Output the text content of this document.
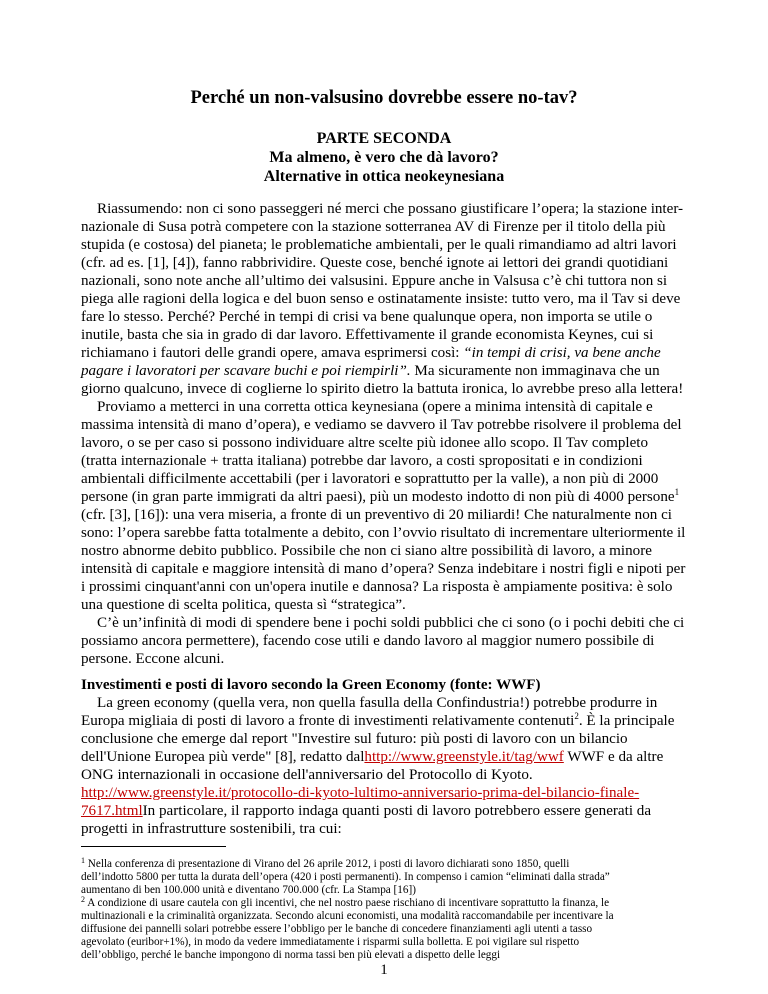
Perché un non-valsusino dovrebbe essere no-tav?
PARTE SECONDA
Ma almeno, è vero che dà lavoro?
Alternative in ottica neokeynesiana
Riassumendo: non ci sono passeggeri né merci che possano giustificare l’opera; la stazione inter-
nazionale di Susa potrà competere con la stazione sotterranea AV di Firenze per il titolo della più
stupida (e costosa) del pianeta; le problematiche ambientali, per le quali rimandiamo ad altri lavori
(cfr. ad es. [1], [4]), fanno rabbrividire. Queste cose, benché ignote ai lettori dei grandi quotidiani
nazionali, sono note anche all’ultimo dei valsusini. Eppure anche in Valsusa c’è chi tuttora non si
piega alle ragioni della logica e del buon senso e ostinatamente insiste: tutto vero, ma il Tav si deve
fare lo stesso. Perché? Perché in tempi di crisi va bene qualunque opera, non importa se utile o
inutile, basta che sia in grado di dar lavoro. Effettivamente il grande economista Keynes, cui si
richiamano i fautori delle grandi opere, amava esprimersi così: “in tempi di crisi, va bene anche
pagare i lavoratori per scavare buchi e poi riempirli”. Ma sicuramente non immaginava che un
giorno qualcuno, invece di coglierne lo spirito dietro la battuta ironica, lo avrebbe preso alla lettera!
Proviamo a metterci in una corretta ottica keynesiana (opere a minima intensità di capitale e
massima intensità di mano d’opera), e vediamo se davvero il Tav potrebbe risolvere il problema del
lavoro, o se per caso si possono individuare altre scelte più idonee allo scopo. Il Tav completo
(tratta internazionale + tratta italiana) potrebbe dar lavoro, a costi spropositati e in condizioni
ambientali difficilmente accettabili (per i lavoratori e soprattutto per la valle), a non più di 2000
persone (in gran parte immigrati da altri paesi), più un modesto indotto di non più di 4000 persone$^1$
(cfr. [3], [16]): una vera miseria, a fronte di un preventivo di 20 miliardi! Che naturalmente non ci
sono: l’opera sarebbe fatta totalmente a debito, con l’ovvio risultato di incrementare ulteriormente il
nostro abnorme debito pubblico. Possibile che non ci siano altre possibilità di lavoro, a minore
intensità di capitale e maggiore intensità di mano d’opera? Senza indebitare i nostri figli e nipoti per
i prossimi cinquant'anni con un'opera inutile e dannosa? La risposta è ampiamente positiva: è solo
una questione di scelta politica, questa sì “strategica”.
C’è un’infinità di modi di spendere bene i pochi soldi pubblici che ci sono (o i pochi debiti che ci
possiamo ancora permettere), facendo cose utili e dando lavoro al maggior numero possibile di
persone. Eccone alcuni.
Investimenti e posti di lavoro secondo la Green Economy (fonte: WWF)
La green economy (quella vera, non quella fasulla della Confindustria!) potrebbe produrre in
Europa migliaia di posti di lavoro a fronte di investimenti relativamente contenuti$^2$. È la principale
conclusione che emerge dal report "Investire sul futuro: più posti di lavoro con un bilancio
dell'Unione Europea più verde" [8], redatto dalhttp://www.greenstyle.it/tag/wwf WWF e da altre
ONG internazionali in occasione dell'anniversario del Protocollo di Kyoto.
http://www.greenstyle.it/protocollo-di-kyoto-lultimo-anniversario-prima-del-bilancio-finale-
7617.htmlIn particolare, il rapporto indaga quanti posti di lavoro potrebbero essere generati da
progetti in infrastrutture sostenibili, tra cui:
$^1$ Nella conferenza di presentazione di Virano del 26 aprile 2012, i posti di lavoro dichiarati sono 1850, quelli
dell’indotto 5800 per tutta la durata dell’opera (420 i posti permanenti). In compenso i camion “eliminati dalla strada”
aumentano di ben 100.000 unità e diventano 700.000 (cfr. La Stampa [16])
$^2$ A condizione di usare cautela con gli incentivi, che nel nostro paese rischiano di incentivare soprattutto la finanza, le
multinazionali e la criminalità organizzata. Secondo alcuni economisti, una modalità raccomandabile per incentivare la
diffusione dei pannelli solari potrebbe essere l’obbligo per le banche di concedere finanziamenti agli utenti a tasso
agevolato (euribor+1%), in modo da vedere immediatamente i risparmi sulla bolletta. E poi vigilare sul rispetto
dell’obbligo, perché le banche impongono di norma tassi ben più elevati a dispetto delle leggi
1
